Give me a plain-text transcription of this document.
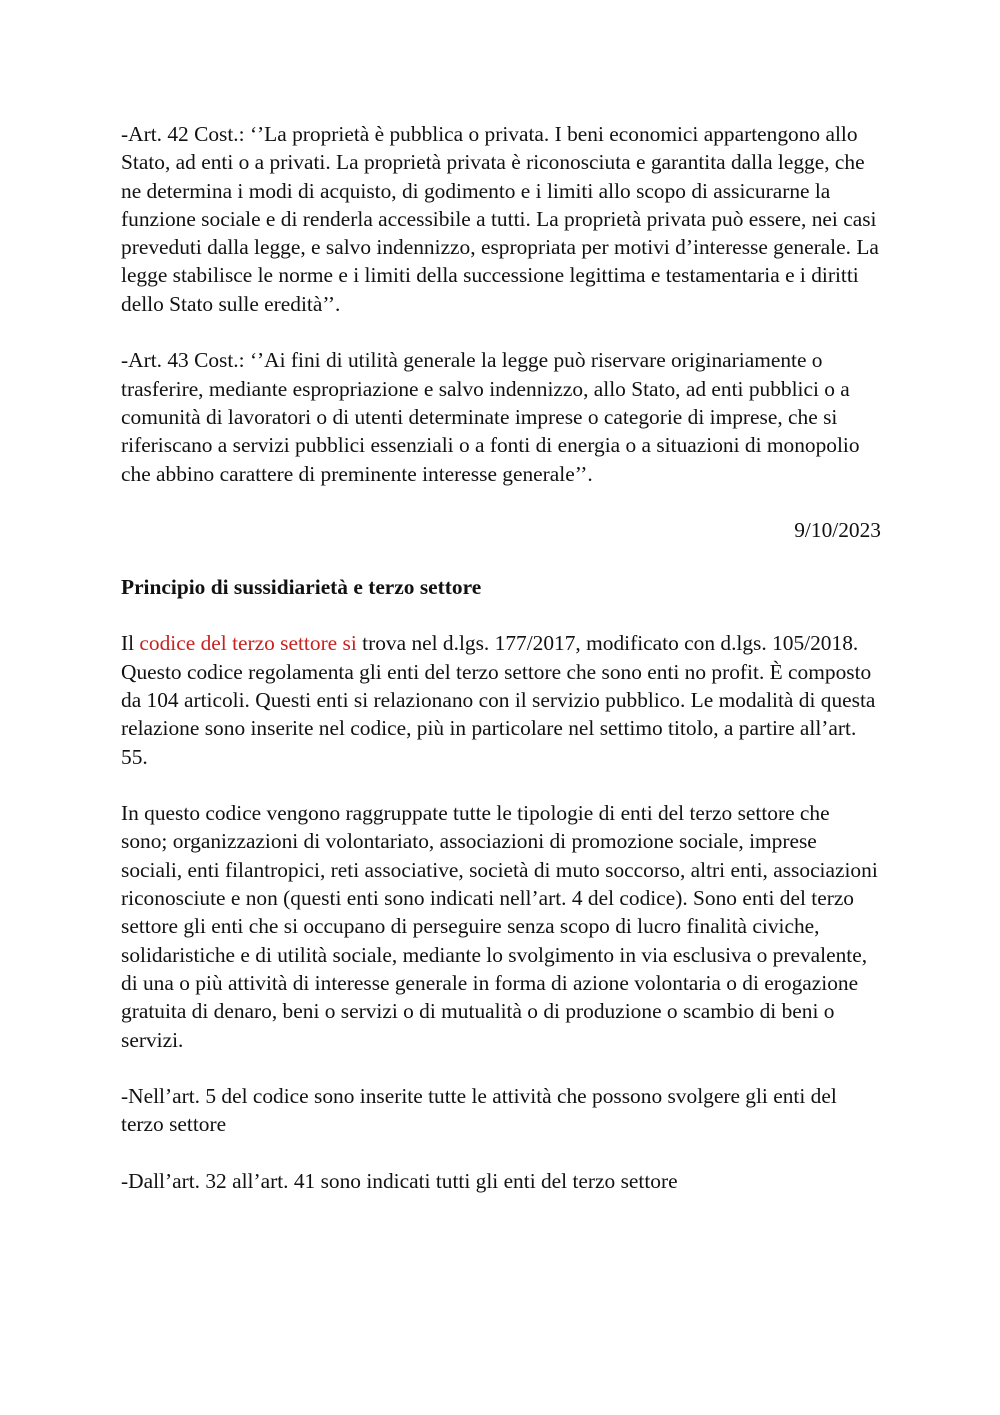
-Art. 42 Cost.: ‘’La proprietà è pubblica o privata. I beni economici appartengono allo Stato, ad enti o a privati. La proprietà privata è riconosciuta e garantita dalla legge, che ne determina i modi di acquisto, di godimento e i limiti allo scopo di assicurarne la funzione sociale e di renderla accessibile a tutti. La proprietà privata può essere, nei casi preveduti dalla legge, e salvo indennizzo, espropriata per motivi d’interesse generale. La legge stabilisce le norme e i limiti della successione legittima e testamentaria e i diritti dello Stato sulle eredità’’.

-Art. 43 Cost.: ‘’Ai fini di utilità generale la legge può riservare originariamente o trasferire, mediante espropriazione e salvo indennizzo, allo Stato, ad enti pubblici o a comunità di lavoratori o di utenti determinate imprese o categorie di imprese, che si riferiscano a servizi pubblici essenziali o a fonti di energia o a situazioni di monopolio che abbino carattere di preminente interesse generale’’.

9/10/2023

Principio di sussidiarietà e terzo settore

Il codice del terzo settore si trova nel d.lgs. 177/2017, modificato con d.lgs. 105/2018. Questo codice regolamenta gli enti del terzo settore che sono enti no profit. È composto da 104 articoli. Questi enti si relazionano con il servizio pubblico. Le modalità di questa relazione sono inserite nel codice, più in particolare nel settimo titolo, a partire all’art. 55.

In questo codice vengono raggruppate tutte le tipologie di enti del terzo settore che sono; organizzazioni di volontariato, associazioni di promozione sociale, imprese sociali, enti filantropici, reti associative, società di muto soccorso, altri enti, associazioni riconosciute e non (questi enti sono indicati nell’art. 4 del codice). Sono enti del terzo settore gli enti che si occupano di perseguire senza scopo di lucro finalità civiche, solidaristiche e di utilità sociale, mediante lo svolgimento in via esclusiva o prevalente, di una o più attività di interesse generale in forma di azione volontaria o di erogazione gratuita di denaro, beni o servizi o di mutualità o di produzione o scambio di beni o servizi.

-Nell’art. 5 del codice sono inserite tutte le attività che possono svolgere gli enti del terzo settore

-Dall’art. 32 all’art. 41 sono indicati tutti gli enti del terzo settore
